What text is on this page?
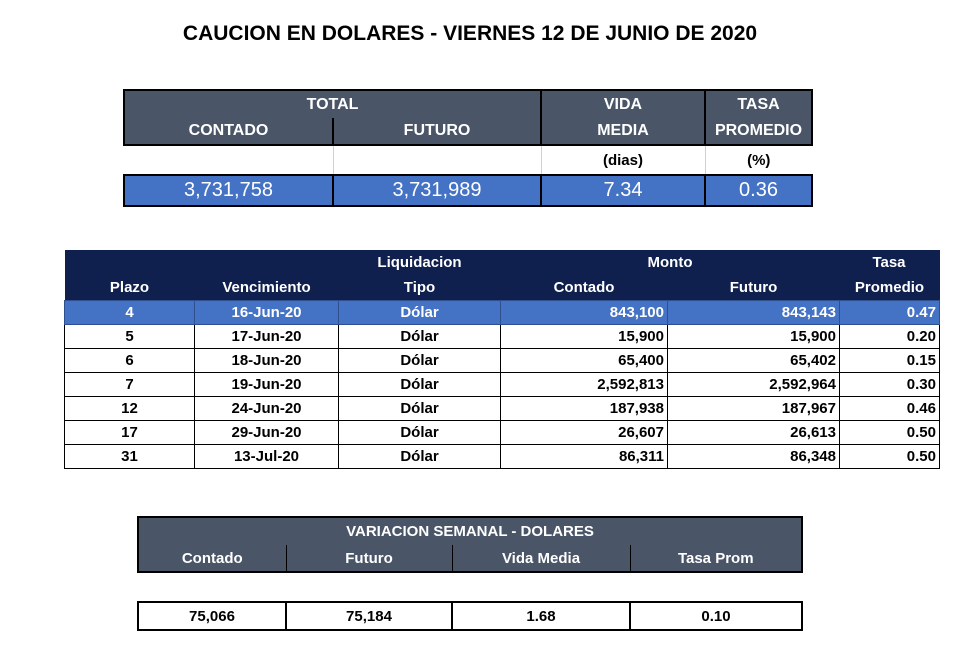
CAUCION EN DOLARES - VIERNES 12 DE JUNIO DE 2020
TOTAL		VIDA	TASA
CONTADO	FUTURO	MEDIA	PROMEDIO
		(dias)	(%)
3,731,758	3,731,989	7.34	0.36
		Liquidacion	Monto		Tasa
Plazo	Vencimiento	Tipo	Contado	Futuro	Promedio
4	16-Jun-20	Dólar	843,100	843,143	0.47
5	17-Jun-20	Dólar	15,900	15,900	0.20
6	18-Jun-20	Dólar	65,400	65,402	0.15
7	19-Jun-20	Dólar	2,592,813	2,592,964	0.30
12	24-Jun-20	Dólar	187,938	187,967	0.46
17	29-Jun-20	Dólar	26,607	26,613	0.50
31	13-Jul-20	Dólar	86,311	86,348	0.50
VARIACION SEMANAL - DOLARES			
Contado	Futuro	Vida Media	Tasa Prom

75,066	75,184	1.68	0.10
